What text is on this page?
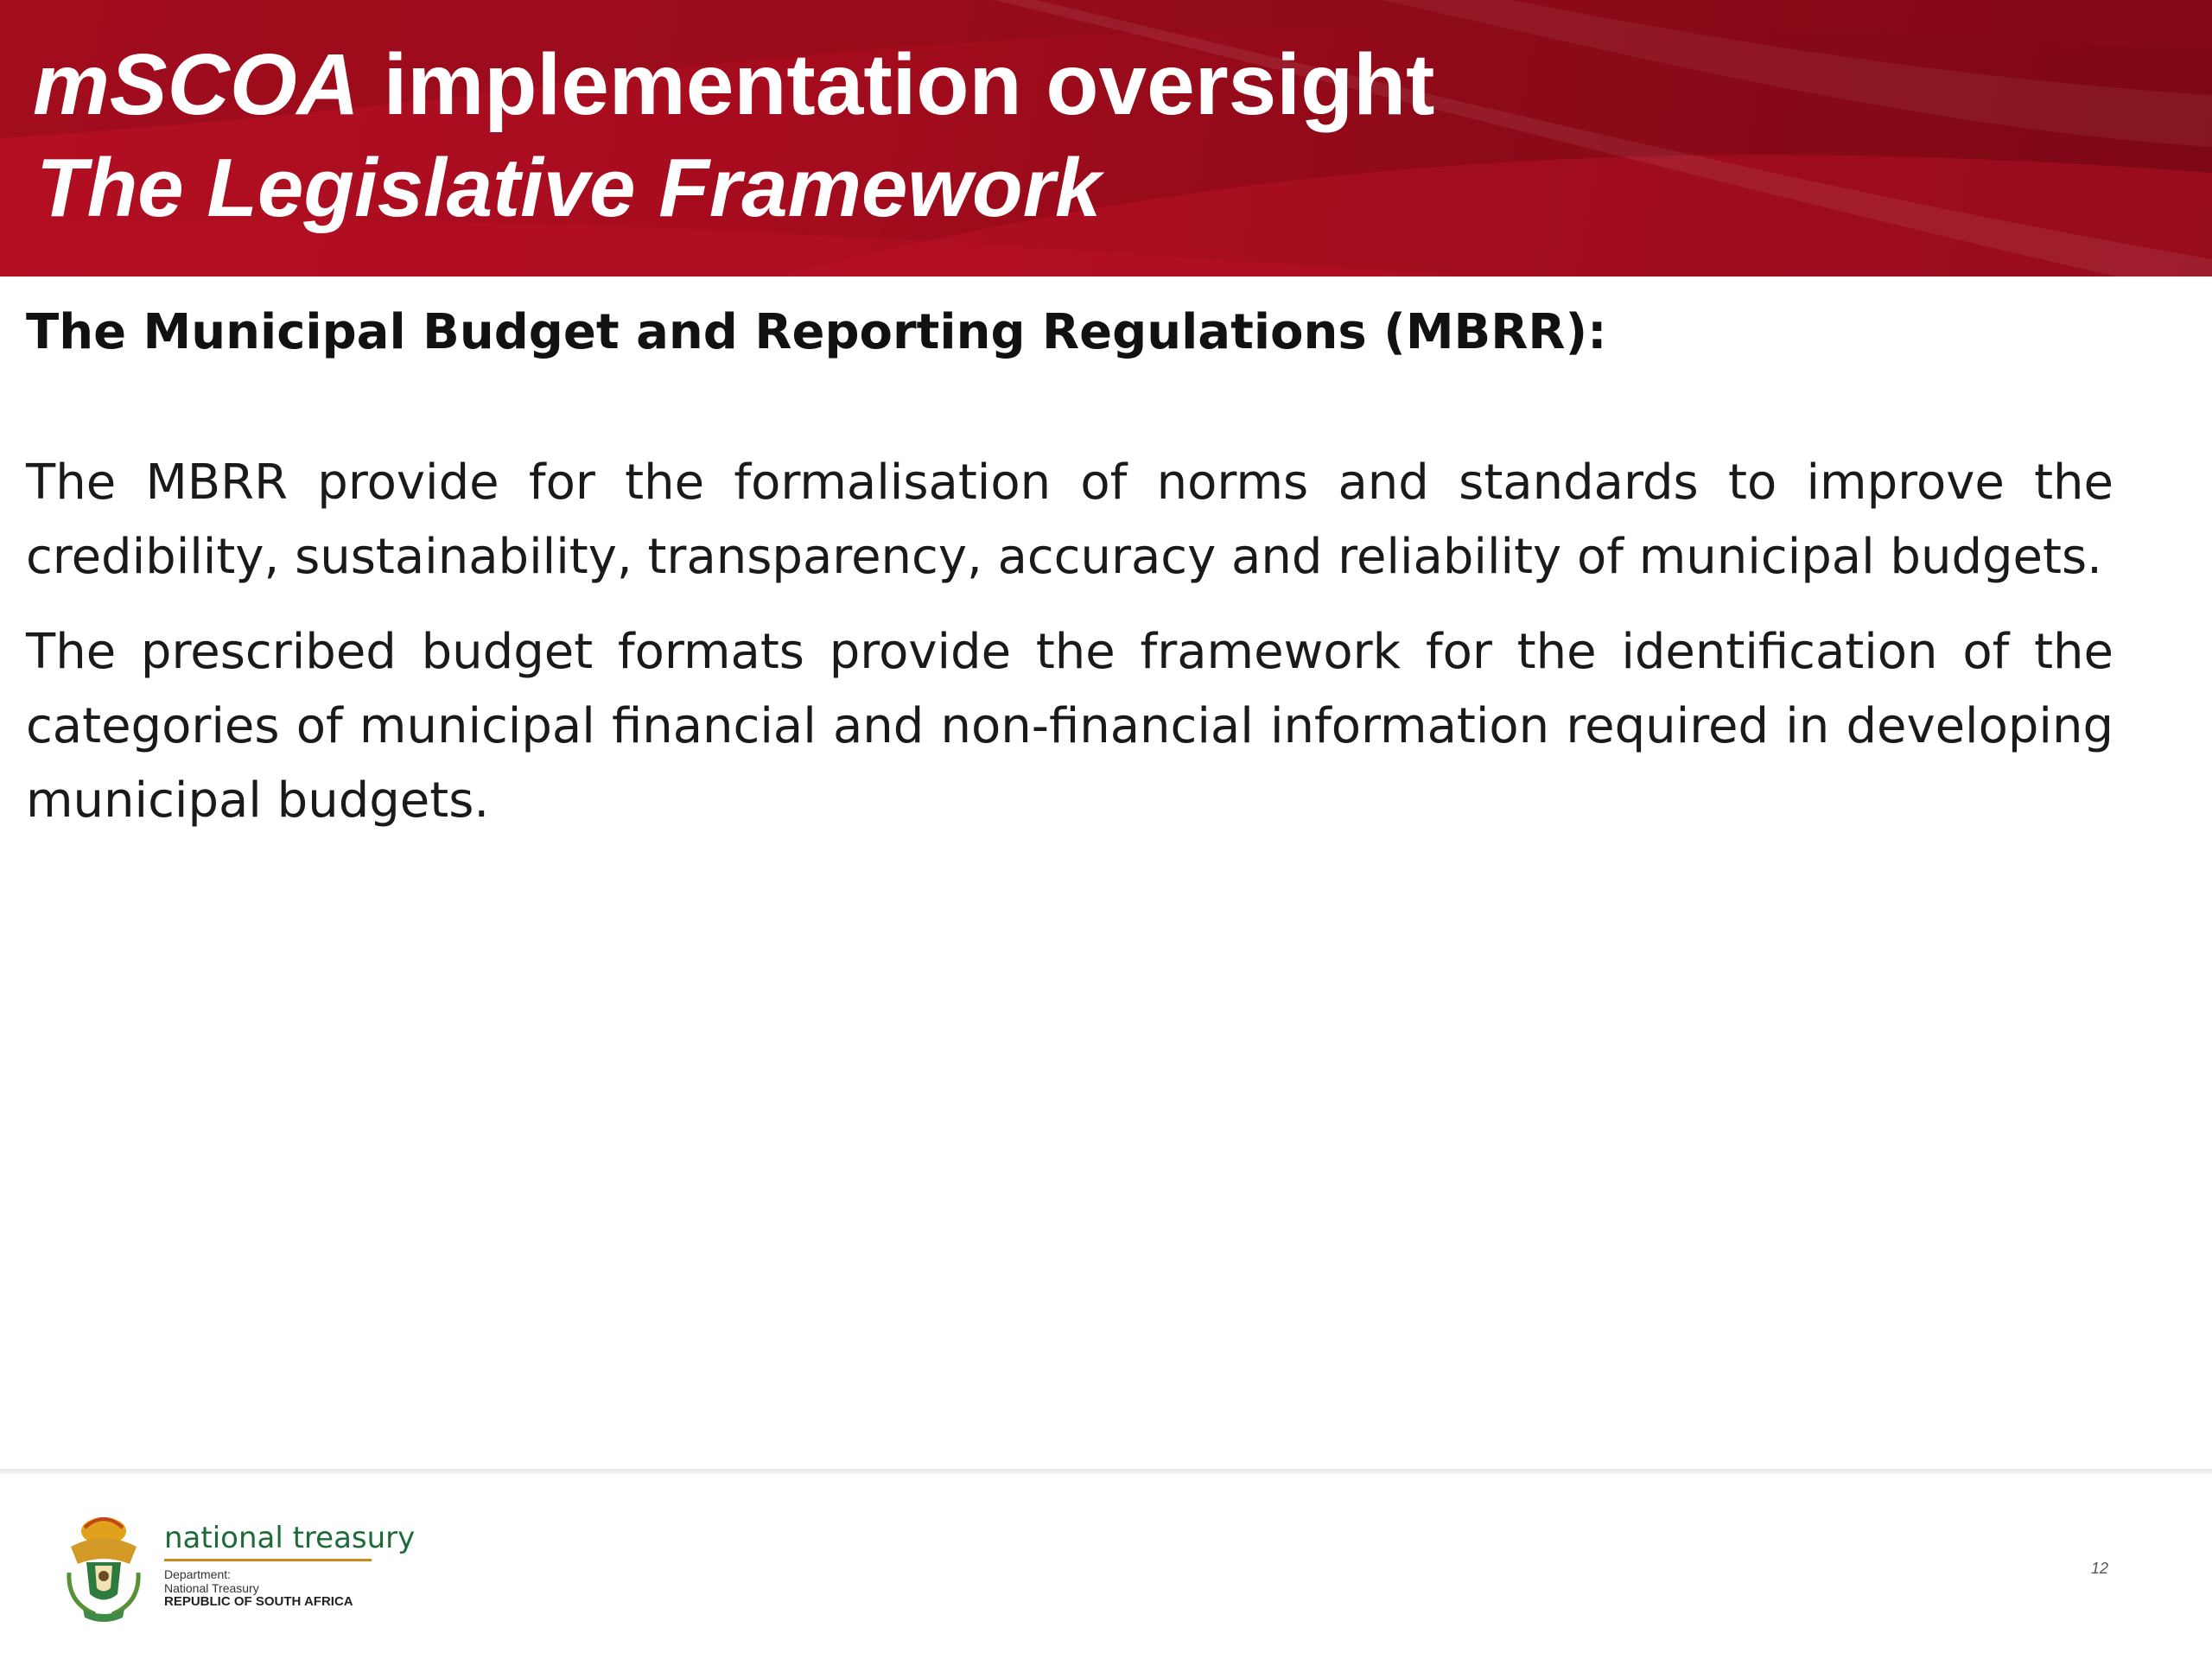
mSCOA implementation oversight
The Legislative Framework

The Municipal Budget and Reporting Regulations (MBRR):

The MBRR provide for the formalisation of norms and standards to improve the credibility, sustainability, transparency, accuracy and reliability of municipal budgets.

The prescribed budget formats provide the framework for the identification of the categories of municipal financial and non-financial information required in developing municipal budgets.

national treasury

Department:

National Treasury

REPUBLIC OF SOUTH AFRICA

12
